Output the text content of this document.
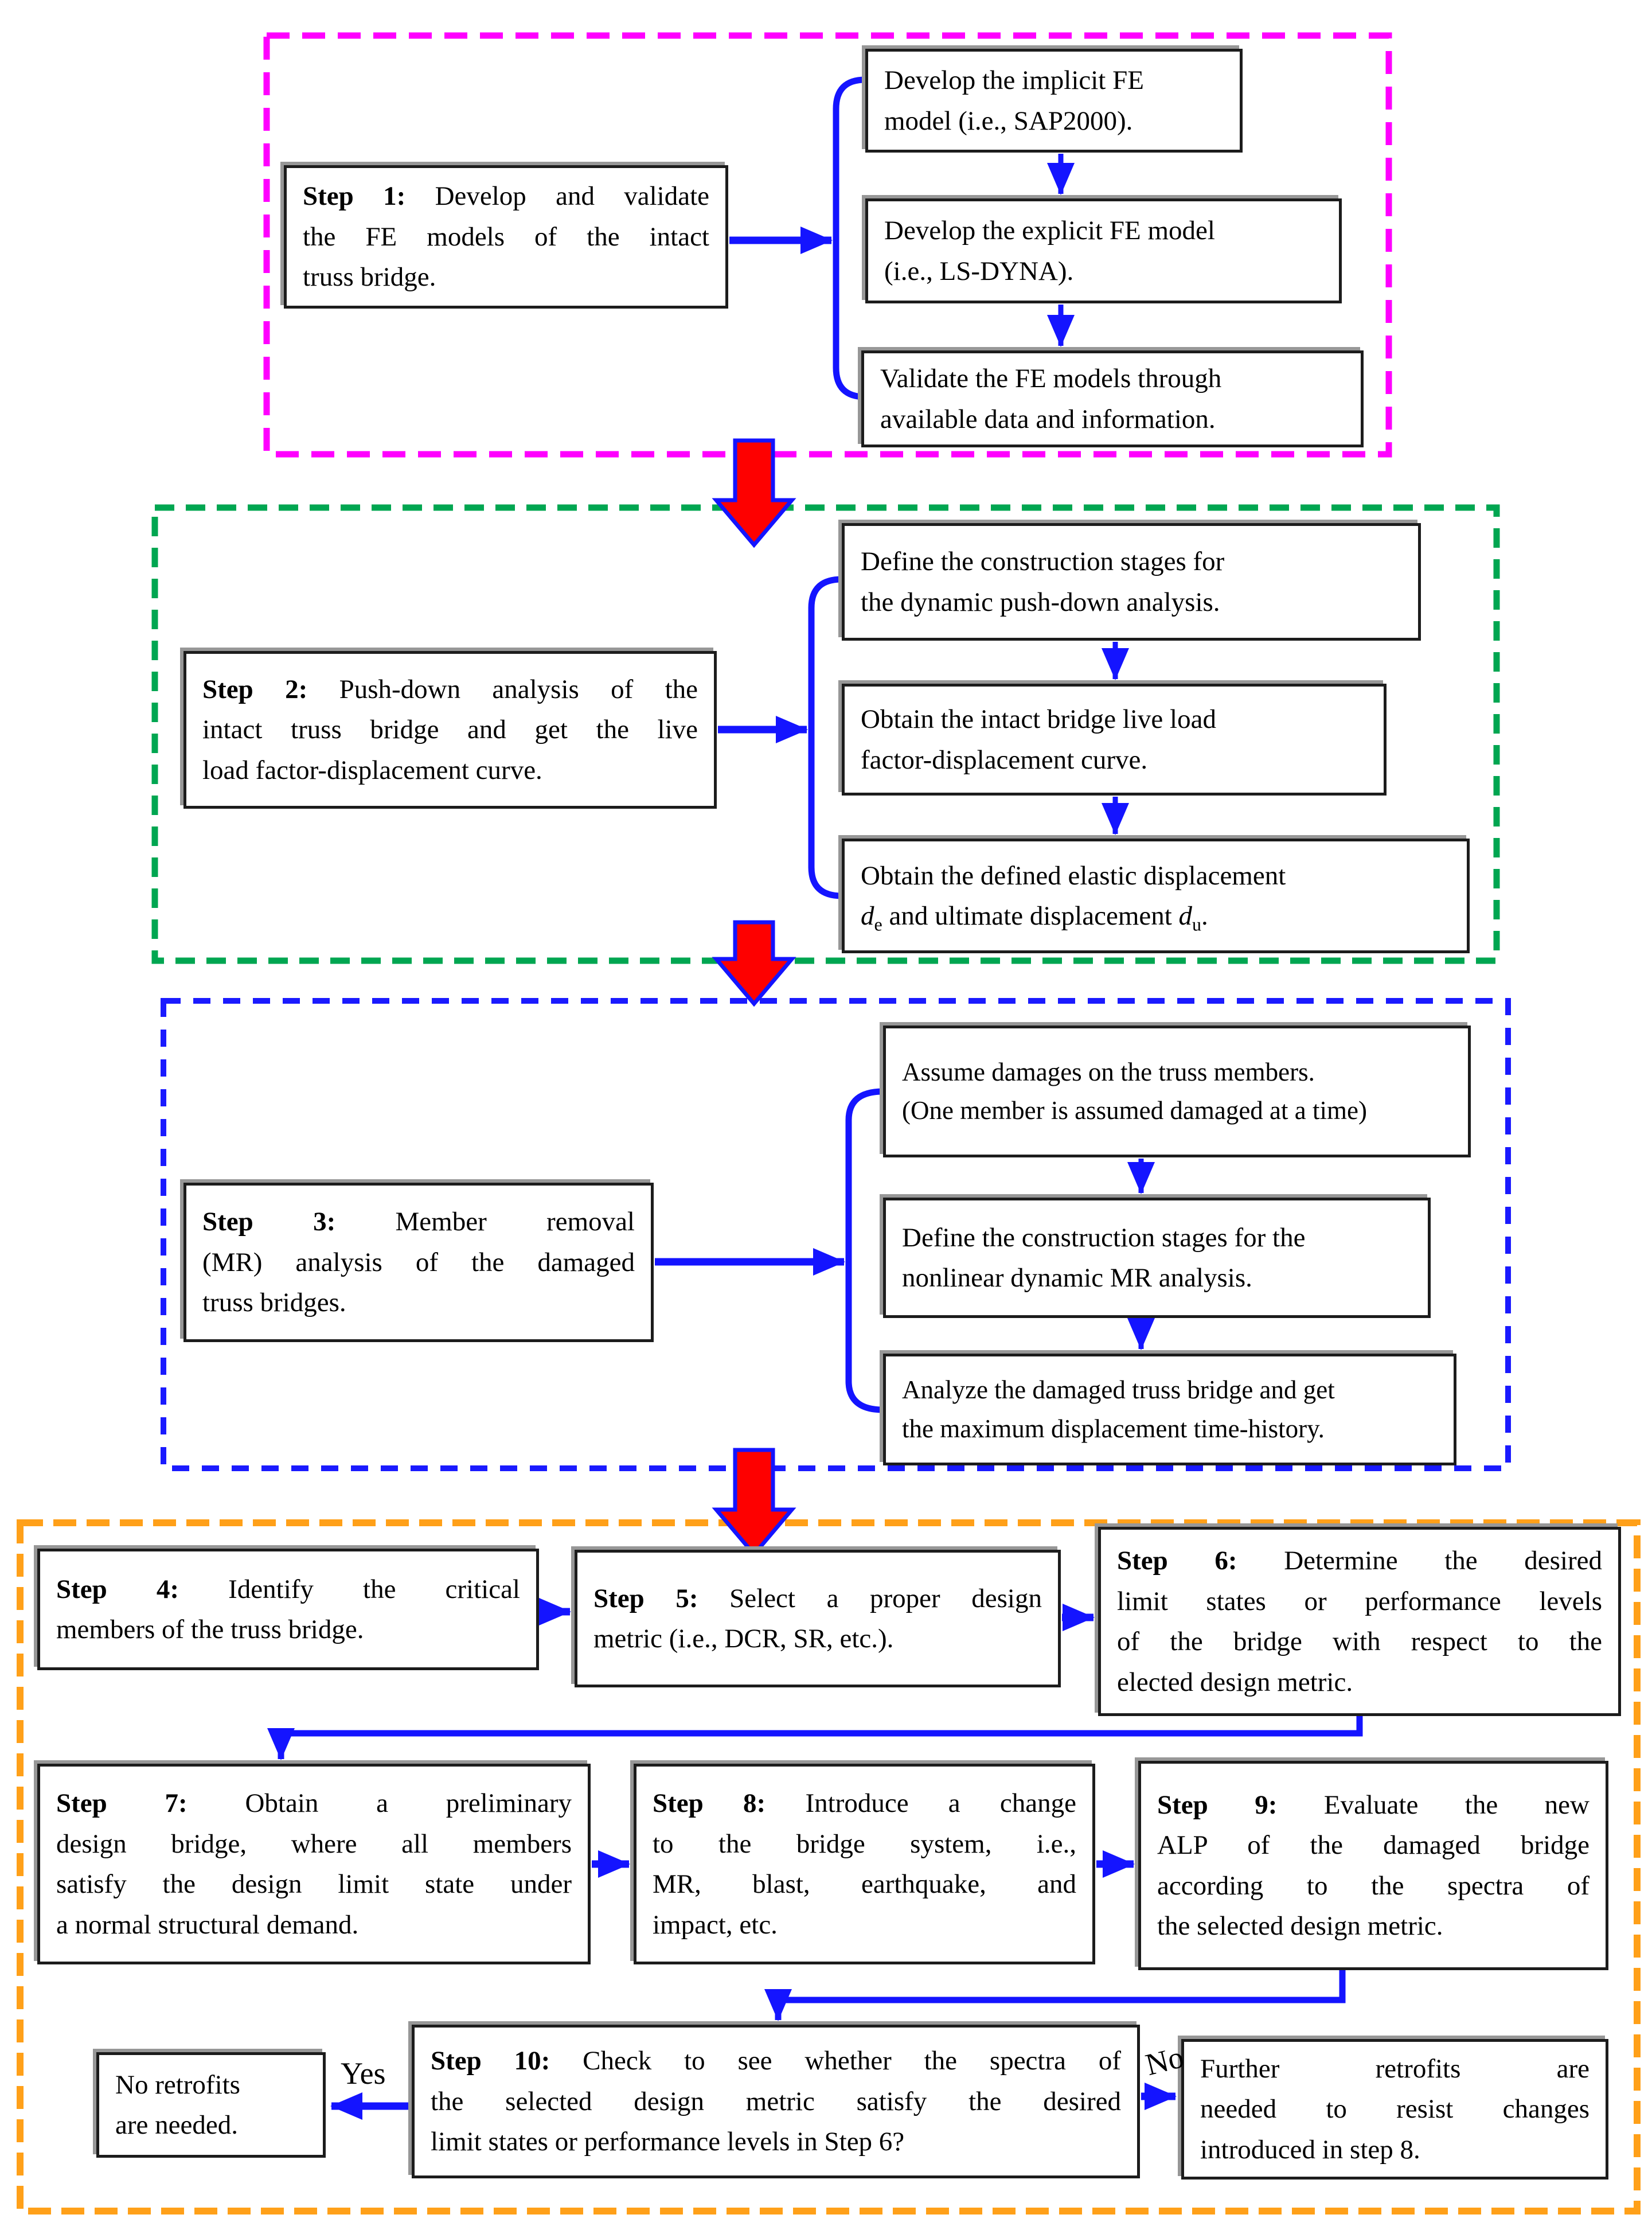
Step 1: Develop and validate
the FE models of the intact
truss bridge.
Develop the implicit FE
model (i.e., SAP2000).
Develop the explicit FE model
(i.e., LS-DYNA).
Validate the FE models through
available data and information.
Step 2: Push-down analysis of the
intact truss bridge and get the live
load factor-displacement curve.
Define the construction stages for
the dynamic push-down analysis.
Obtain the intact bridge live load
factor-displacement curve.
Obtain the defined elastic displacement
$d_e$ and ultimate displacement $d_u$.
Step 3: Member removal
(MR) analysis of the damaged
truss bridges.
Assume damages on the truss members.
(One member is assumed damaged at a time)
Define the construction stages for the
nonlinear dynamic MR analysis.
Analyze the damaged truss bridge and get
the maximum displacement time-history.
Step 4: Identify the critical
members of the truss bridge.
Step 5: Select a proper design
metric (i.e., DCR, SR, etc.).
Step 6: Determine the desired
limit states or performance levels
of the bridge with respect to the
elected design metric.
Step 7: Obtain a preliminary
design bridge, where all members
satisfy the design limit state under
a normal structural demand.
Step 8: Introduce a change
to the bridge system, i.e.,
MR, blast, earthquake, and
impact, etc.
Step 9: Evaluate the new
ALP of the damaged bridge
according to the spectra of
the selected design metric.
Step 10: Check to see whether the spectra of
the selected design metric satisfy the desired
limit states or performance levels in Step 6?
No retrofits
are needed.
Further retrofits are
needed to resist changes
introduced in step 8.
Yes	No
